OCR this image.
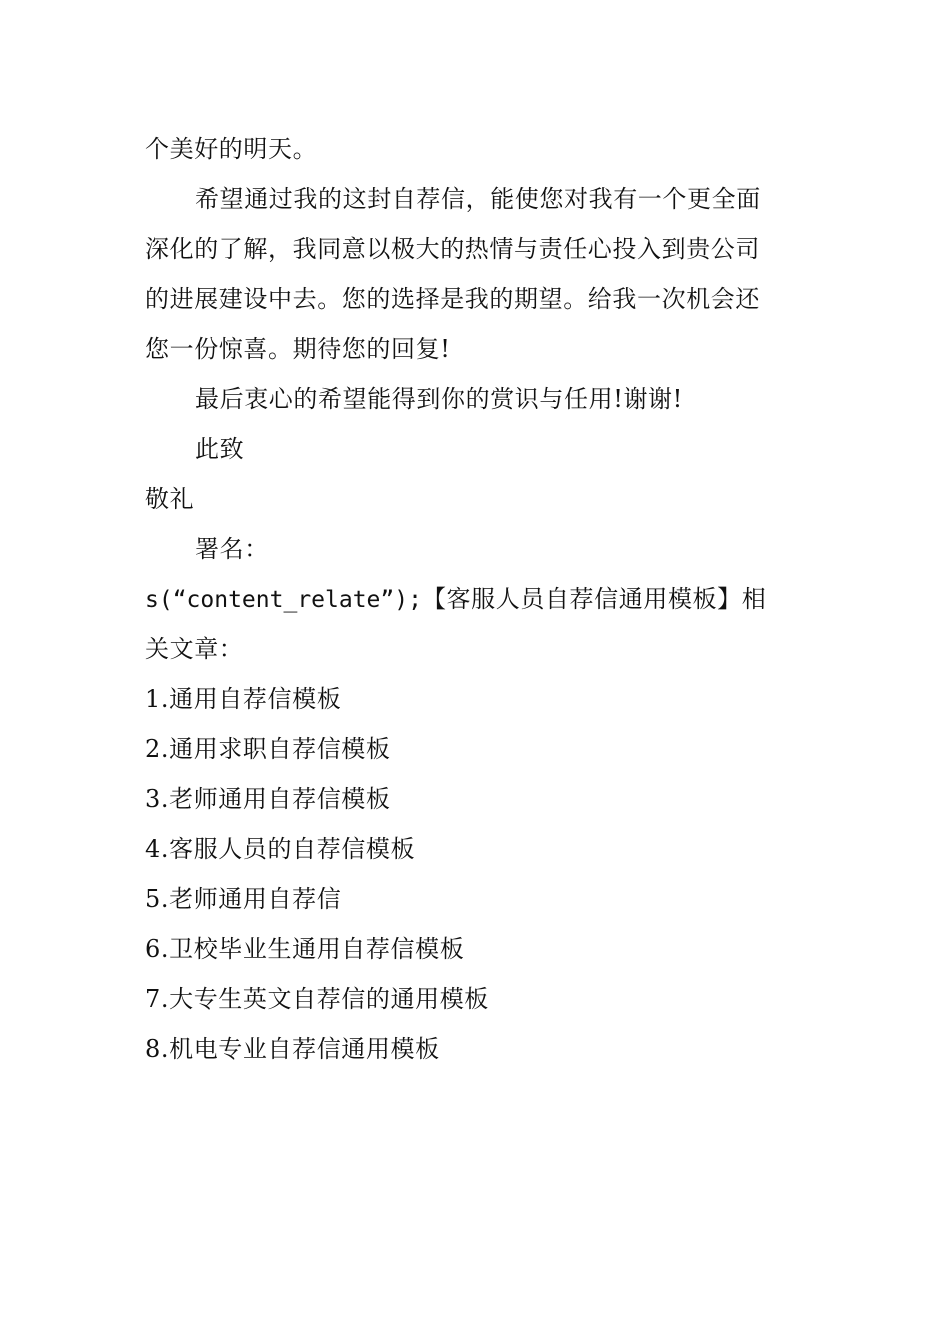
个美好的明天。
希望通过我的这封自荐信，能使您对我有一个更全面
深化的了解，我同意以极大的热情与责任心投入到贵公司
的进展建设中去。您的选择是我的期望。给我一次机会还
您一份惊喜。期待您的回复!
最后衷心的希望能得到你的赏识与任用!谢谢!
此致
敬礼
署名：
s(“content_relate”);【客服人员自荐信通用模板】相
关文章：
1.通用自荐信模板
2.通用求职自荐信模板
3.老师通用自荐信模板
4.客服人员的自荐信模板
5.老师通用自荐信
6.卫校毕业生通用自荐信模板
7.大专生英文自荐信的通用模板
8.机电专业自荐信通用模板
